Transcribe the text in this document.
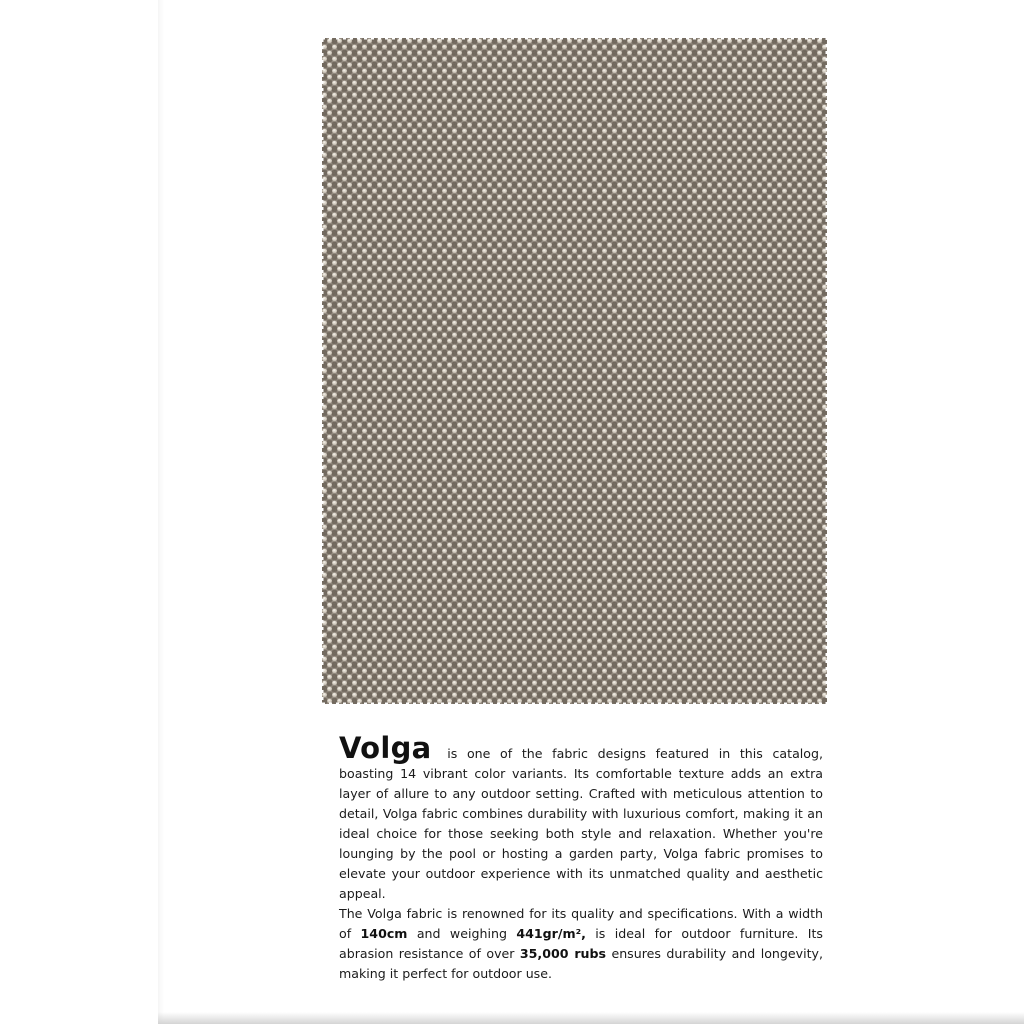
Volga is one of the fabric designs featured in this catalog, boasting 14 vibrant color variants. Its comfortable texture adds an extra layer of allure to any outdoor setting. Crafted with meticulous attention to detail, Volga fabric combines durability with luxurious comfort, making it an ideal choice for those seeking both style and relaxation. Whether you're lounging by the pool or hosting a garden party, Volga fabric promises to elevate your outdoor experience with its unmatched quality and aesthetic appeal.

The Volga fabric is renowned for its quality and specifications. With a width of 140cm and weighing 441gr/m², is ideal for outdoor furniture. Its abrasion resistance of over 35,000 rubs ensures durability and longevity, making it perfect for outdoor use.
